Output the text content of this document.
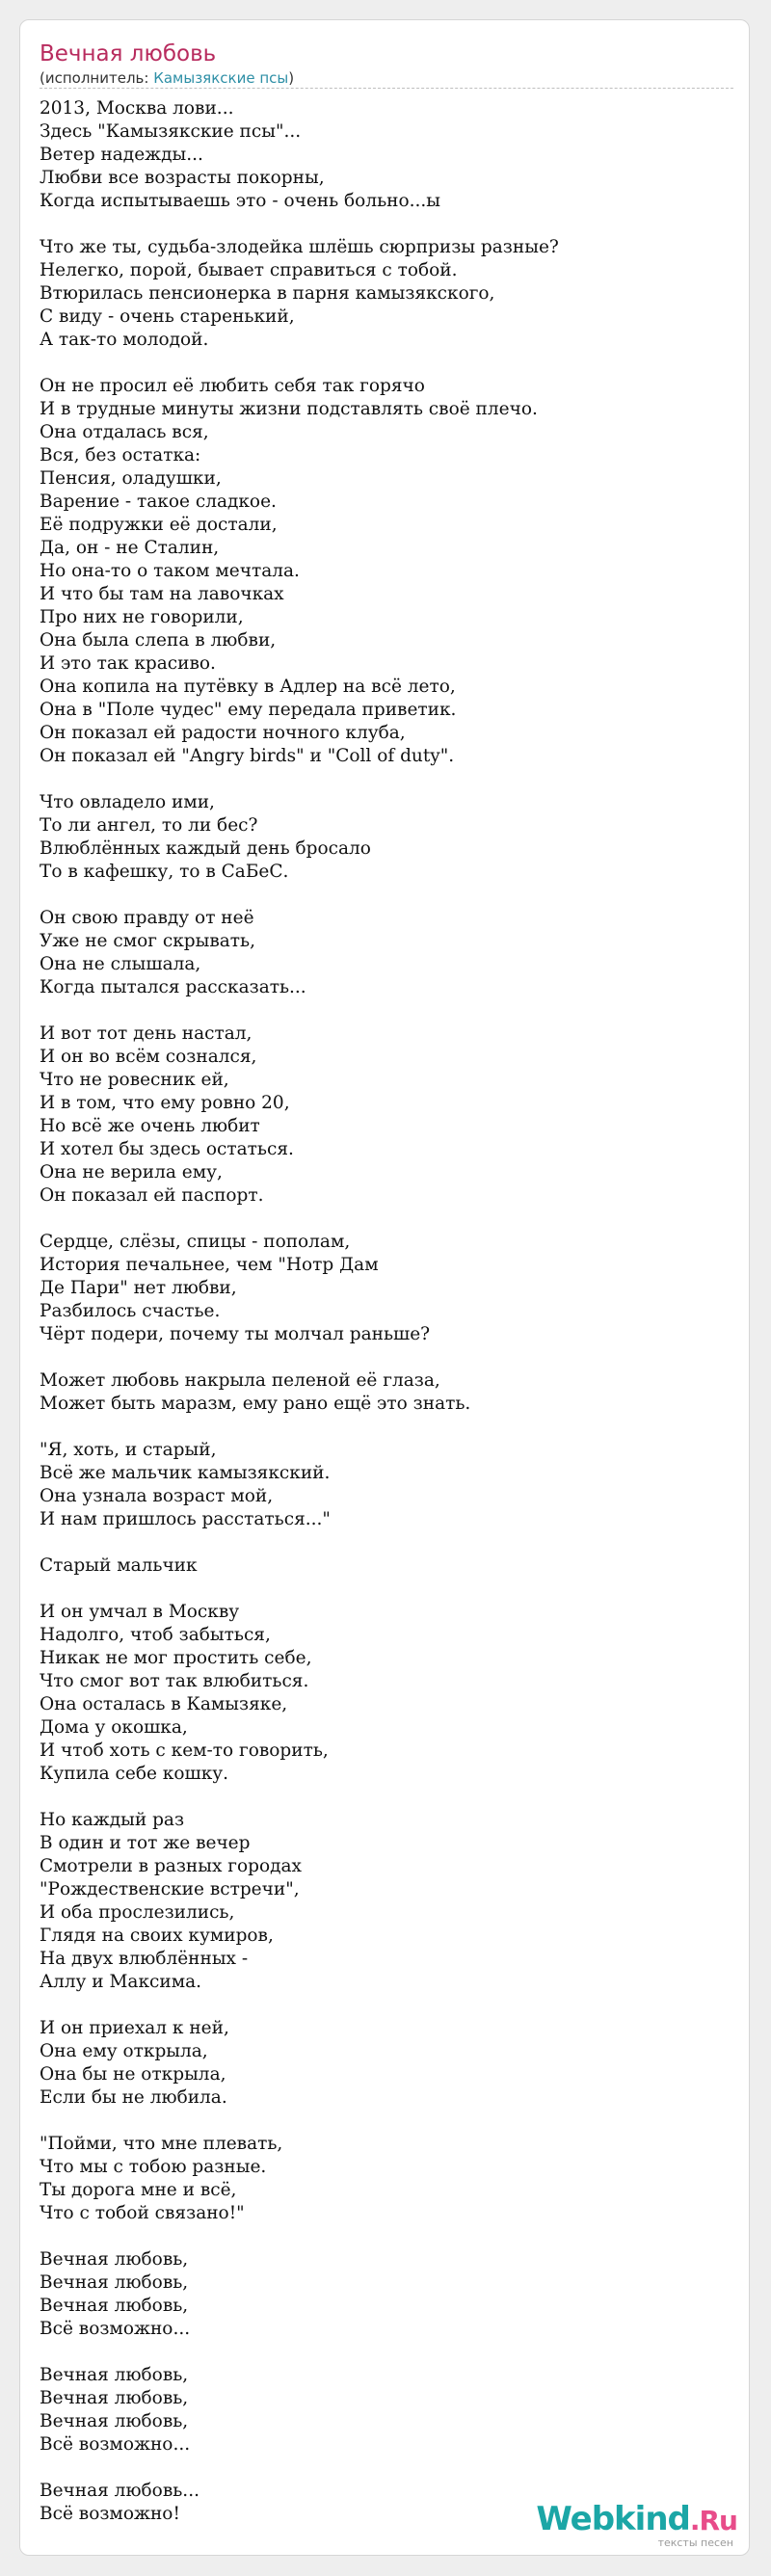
Вечная любовь
(исполнитель: Камызякские псы)
2013, Москва лови...
Здесь "Камызякские псы"...
Ветер надежды...
Любви все возрасты покорны,
Когда испытываешь это - очень больно...ы
Что же ты, судьба-злодейка шлёшь сюрпризы разные?
Нелегко, порой, бывает справиться с тобой.
Втюрилась пенсионерка в парня камызякского,
С виду - очень старенький,
А так-то молодой.
Он не просил её любить себя так горячо
И в трудные минуты жизни подставлять своё плечо.
Она отдалась вся,
Вся, без остатка:
Пенсия, оладушки,
Варение - такое сладкое.
Её подружки её достали,
Да, он - не Сталин,
Но она-то о таком мечтала.
И что бы там на лавочках
Про них не говорили,
Она была слепа в любви,
И это так красиво.
Она копила на путёвку в Адлер на всё лето,
Она в "Поле чудес" ему передала приветик.
Он показал ей радости ночного клуба,
Он показал ей "Angry birds" и "Coll of duty".
Что овладело ими,
То ли ангел, то ли бес?
Влюблённых каждый день бросало
То в кафешку, то в СаБеС.
Он свою правду от неё
Уже не смог скрывать,
Она не слышала,
Когда пытался рассказать...
И вот тот день настал,
И он во всём сознался,
Что не ровесник ей,
И в том, что ему ровно 20,
Но всё же очень любит
И хотел бы здесь остаться.
Она не верила ему,
Он показал ей паспорт.
Сердце, слёзы, спицы - пополам,
История печальнее, чем "Нотр Дам
Де Пари" нет любви,
Разбилось счастье.
Чёрт подери, почему ты молчал раньше?
Может любовь накрыла пеленой её глаза,
Может быть маразм, ему рано ещё это знать.
"Я, хоть, и старый,
Всё же мальчик камызякский.
Она узнала возраст мой,
И нам пришлось расстаться..."
Старый мальчик
И он умчал в Москву
Надолго, чтоб забыться,
Никак не мог простить себе,
Что смог вот так влюбиться.
Она осталась в Камызяке,
Дома у окошка,
И чтоб хоть с кем-то говорить,
Купила себе кошку.
Но каждый раз
В один и тот же вечер
Смотрели в разных городах
"Рождественские встречи",
И оба прослезились,
Глядя на своих кумиров,
На двух влюблённых -
Аллу и Максима.
И он приехал к ней,
Она ему открыла,
Она бы не открыла,
Если бы не любила.
"Пойми, что мне плевать,
Что мы с тобою разные.
Ты дорога мне и всё,
Что с тобой связано!"
Вечная любовь,
Вечная любовь,
Вечная любовь,
Всё возможно...
Вечная любовь,
Вечная любовь,
Вечная любовь,
Всё возможно...
Вечная любовь...
Всё возможно!	Webkind.Ru
тексты песен
